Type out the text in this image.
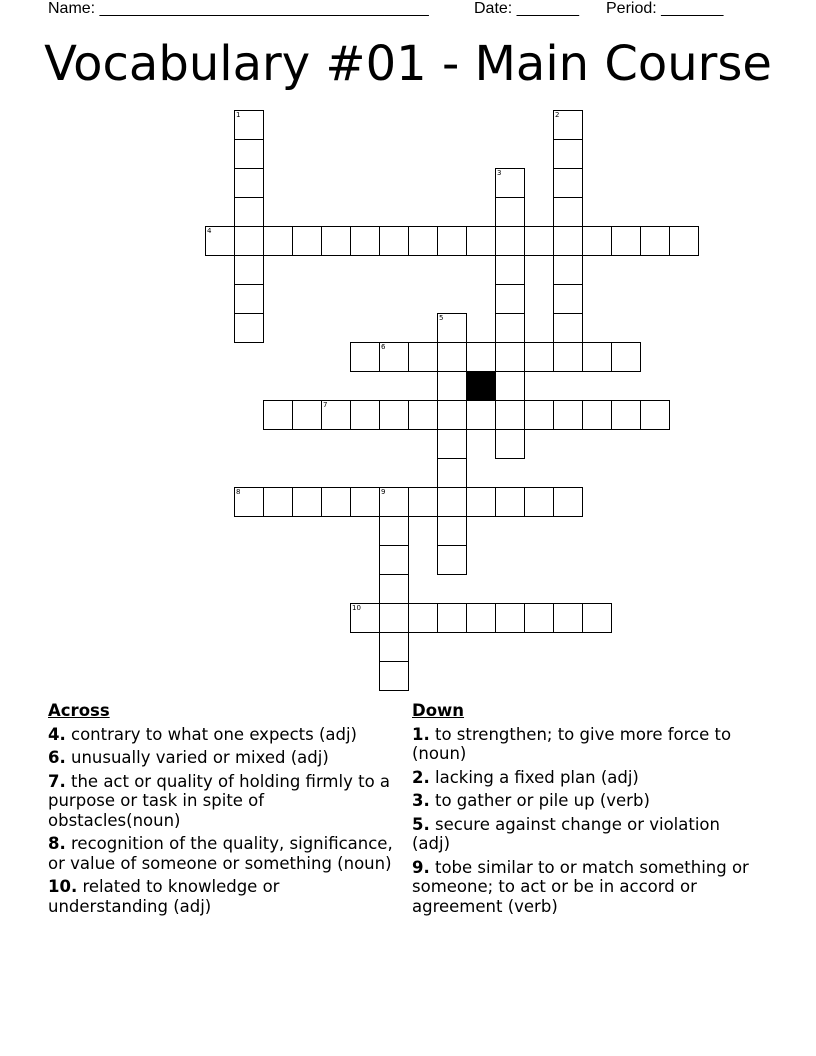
Name: _____________________________________	Date: _______ Period: _______
Vocabulary #01 - Main Course
6
7
8	9
10
1	2
3
5
4
Across
4. contrary to what one expects (adj)
6. unusually varied or mixed (adj)
7. the act or quality of holding firmly to a purpose or task in spite of obstacles(noun)
8. recognition of the quality, significance, or value of someone or something (noun)
10. related to knowledge or understanding (adj)
Down
1. to strengthen; to give more force to (noun)
2. lacking a fixed plan (adj)
3. to gather or pile up (verb)
5. secure against change or violation (adj)
9. tobe similar to or match something or someone; to act or be in accord or agreement (verb)
